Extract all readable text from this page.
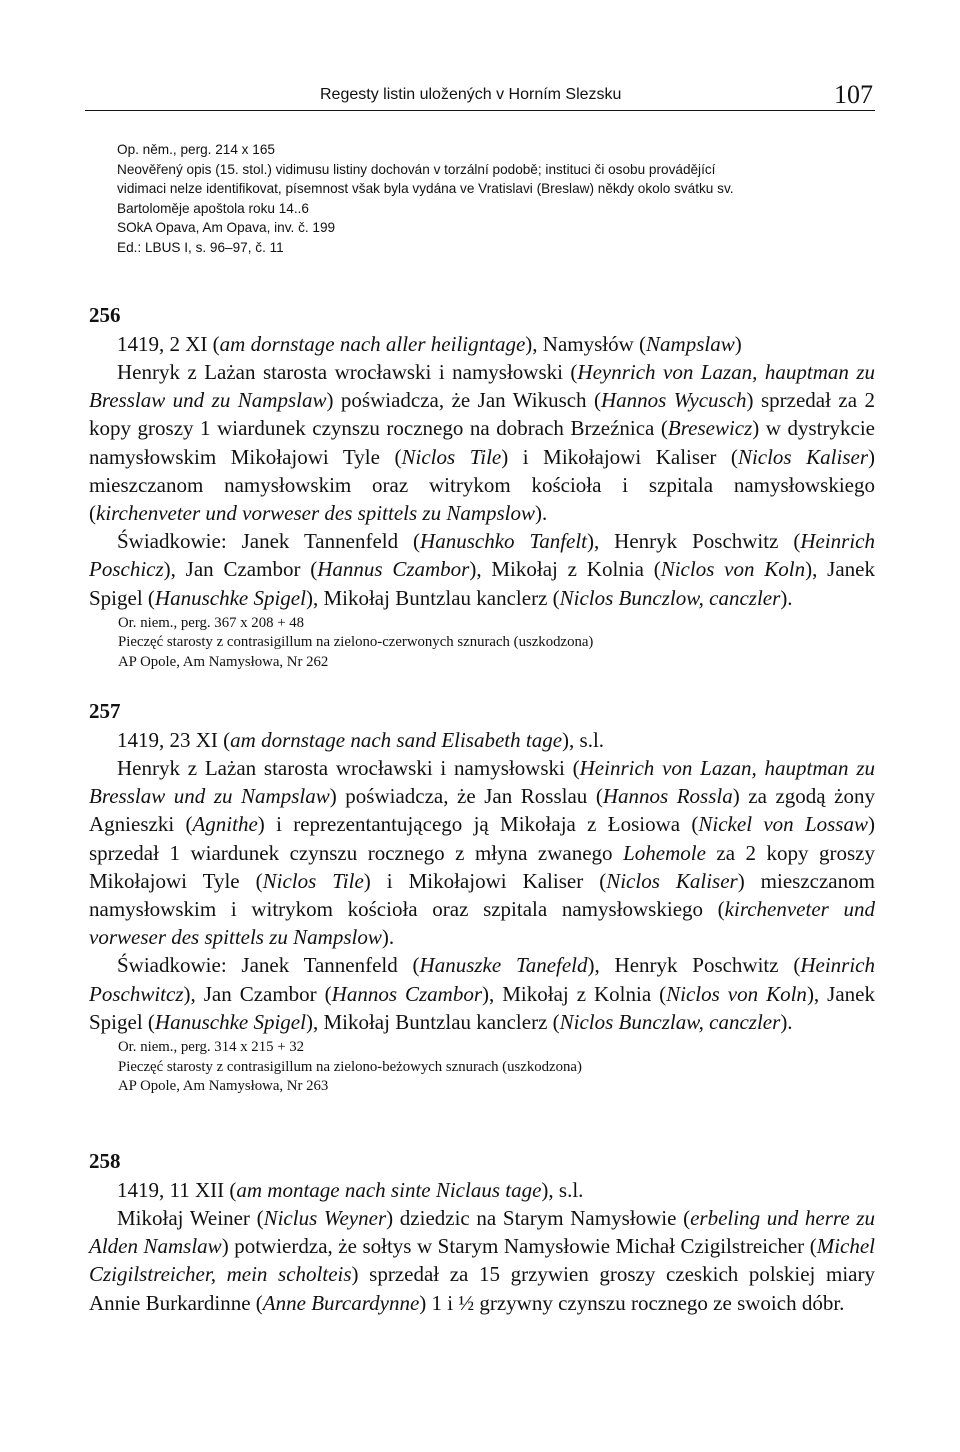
Regesty listin uložených v Horním Slezsku	107
Op. něm., perg. 214 x 165
Neověřený opis (15. stol.) vidimusu listiny dochován v torzální podobě; instituci či osobu provádějící
vidimaci nelze identifikovat, písemnost však byla vydána ve Vratislavi (Breslaw) někdy okolo svátku sv.
Bartoloměje apoštola roku 14..6
SOkA Opava, Am Opava, inv. č. 199
Ed.: LBUS I, s. 96–97, č. 11
256
1419, 2 XI (am dornstage nach aller heiligntage), Namysłów (Nampslaw)

Henryk z Lażan starosta wrocławski i namysłowski (Heynrich von Lazan, hauptman zu Bresslaw und zu Nampslaw) poświadcza, że Jan Wikusch (Hannos Wycusch) sprzedał za 2 kopy groszy 1 wiardunek czynszu rocznego na dobrach Brzeźnica (Bresewicz) w dystrykcie namysłowskim Mikołajowi Tyle (Niclos Tile) i Mikołajowi Kaliser (Niclos Kaliser) mieszczanom namysłowskim oraz witrykom kościoła i szpitala namysłowskiego (kirchenveter und vorweser des spittels zu Nampslow).

Świadkowie: Janek Tannenfeld (Hanuschko Tanfelt), Henryk Poschwitz (Heinrich Poschicz), Jan Czambor (Hannus Czambor), Mikołaj z Kolnia (Niclos von Koln), Janek Spigel (Hanuschke Spigel), Mikołaj Buntzlau kanclerz (Niclos Bunczlow, canczler).

Or. niem., perg. 367 x 208 + 48
Pieczęć starosty z contrasigillum na zielono-czerwonych sznurach (uszkodzona)
AP Opole, Am Namysłowa, Nr 262
257
1419, 23 XI (am dornstage nach sand Elisabeth tage), s.l.

Henryk z Lażan starosta wrocławski i namysłowski (Heinrich von Lazan, hauptman zu Bresslaw und zu Nampslaw) poświadcza, że Jan Rosslau (Hannos Rossla) za zgodą żony Agnieszki (Agnithe) i reprezentantującego ją Mikołaja z Łosiowa (Nickel von Lossaw) sprzedał 1 wiardunek czynszu rocznego z młyna zwanego Lohemole za 2 kopy groszy Mikołajowi Tyle (Niclos Tile) i Mikołajowi Kaliser (Niclos Kaliser) mieszczanom namysłowskim i witrykom kościoła oraz szpitala namysłowskiego (kirchenveter und vorweser des spittels zu Nampslow).

Świadkowie: Janek Tannenfeld (Hanuszke Tanefeld), Henryk Poschwitz (Heinrich Poschwitcz), Jan Czambor (Hannos Czambor), Mikołaj z Kolnia (Niclos von Koln), Janek Spigel (Hanuschke Spigel), Mikołaj Buntzlau kanclerz (Niclos Bunczlaw, canczler).

Or. niem., perg. 314 x 215 + 32
Pieczęć starosty z contrasigillum na zielono-beżowych sznurach (uszkodzona)
AP Opole, Am Namysłowa, Nr 263
258
1419, 11 XII (am montage nach sinte Niclaus tage), s.l.

Mikołaj Weiner (Niclus Weyner) dziedzic na Starym Namysłowie (erbeling und herre zu Alden Namslaw) potwierdza, że sołtys w Starym Namysłowie Michał Czigilstreicher (Michel Czigilstreicher, mein scholteis) sprzedał za 15 grzywien groszy czeskich polskiej miary Annie Burkardinne (Anne Burcardynne) 1 i ½ grzywny czynszu rocznego ze swoich dóbr.
